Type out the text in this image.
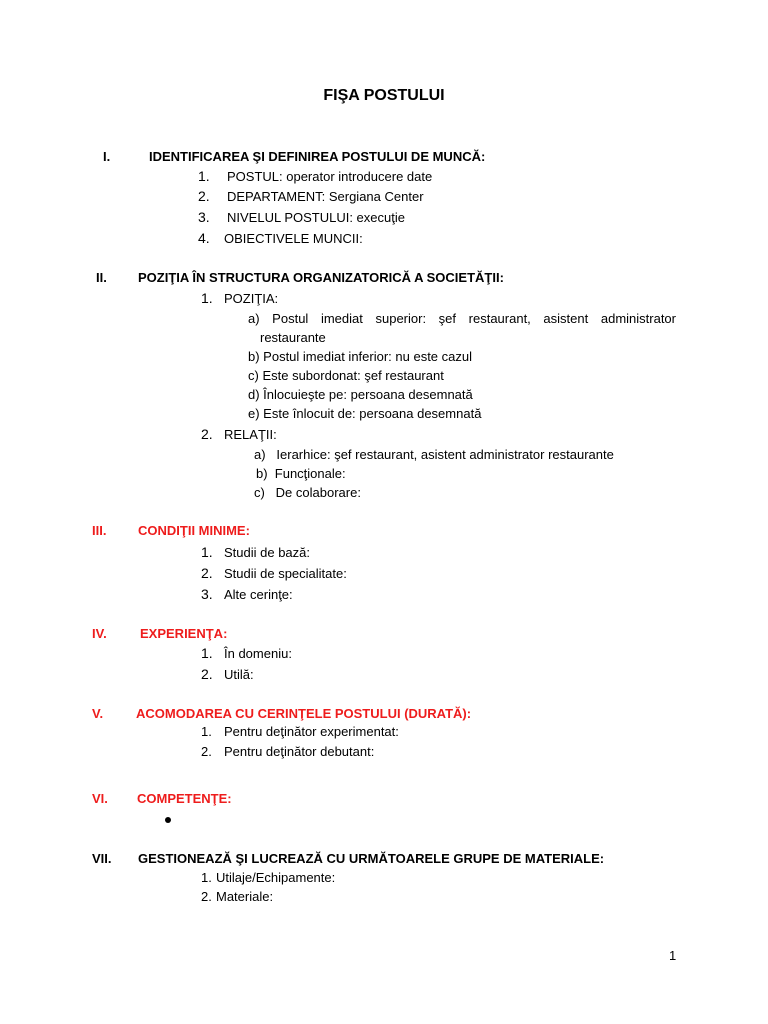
FIŞA POSTULUI
I.	IDENTIFICAREA ŞI DEFINIREA POSTULUI DE MUNCĂ:
1. POSTUL: operator introducere date
2. DEPARTAMENT: Sergiana Center
3. NIVELUL POSTULUI: execuţie
4. OBIECTIVELE MUNCII:
II. POZIŢIA ÎN STRUCTURA ORGANIZATORICĂ A SOCIETĂŢII:
1. POZIŢIA:
a) Postul imediat superior: şef restaurant, asistent administrator
restaurante
b) Postul imediat inferior: nu este cazul
c) Este subordonat: şef restaurant
d) Înlocuieşte pe: persoana desemnată
e) Este înlocuit de: persoana desemnată
2. RELAŢII:
a)   Ierarhice: şef restaurant, asistent administrator restaurante
b)  Funcţionale:
c)   De colaborare:
III. CONDIŢII MINIME:
1. Studii de bază:
2. Studii de specialitate:
3. Alte cerinţe:
IV.	EXPERIENŢA:
1. În domeniu:
2. Utilă:
V.	ACOMODAREA CU CERINŢELE POSTULUI (DURATĂ):
1. Pentru deţinător experimentat:
2. Pentru deţinător debutant:
VI. COMPETENŢE:
VII. GESTIONEAZĂ ŞI LUCREAZĂ CU URMĂTOARELE GRUPE DE MATERIALE:
1. Utilaje/Echipamente:
2. Materiale:
1
